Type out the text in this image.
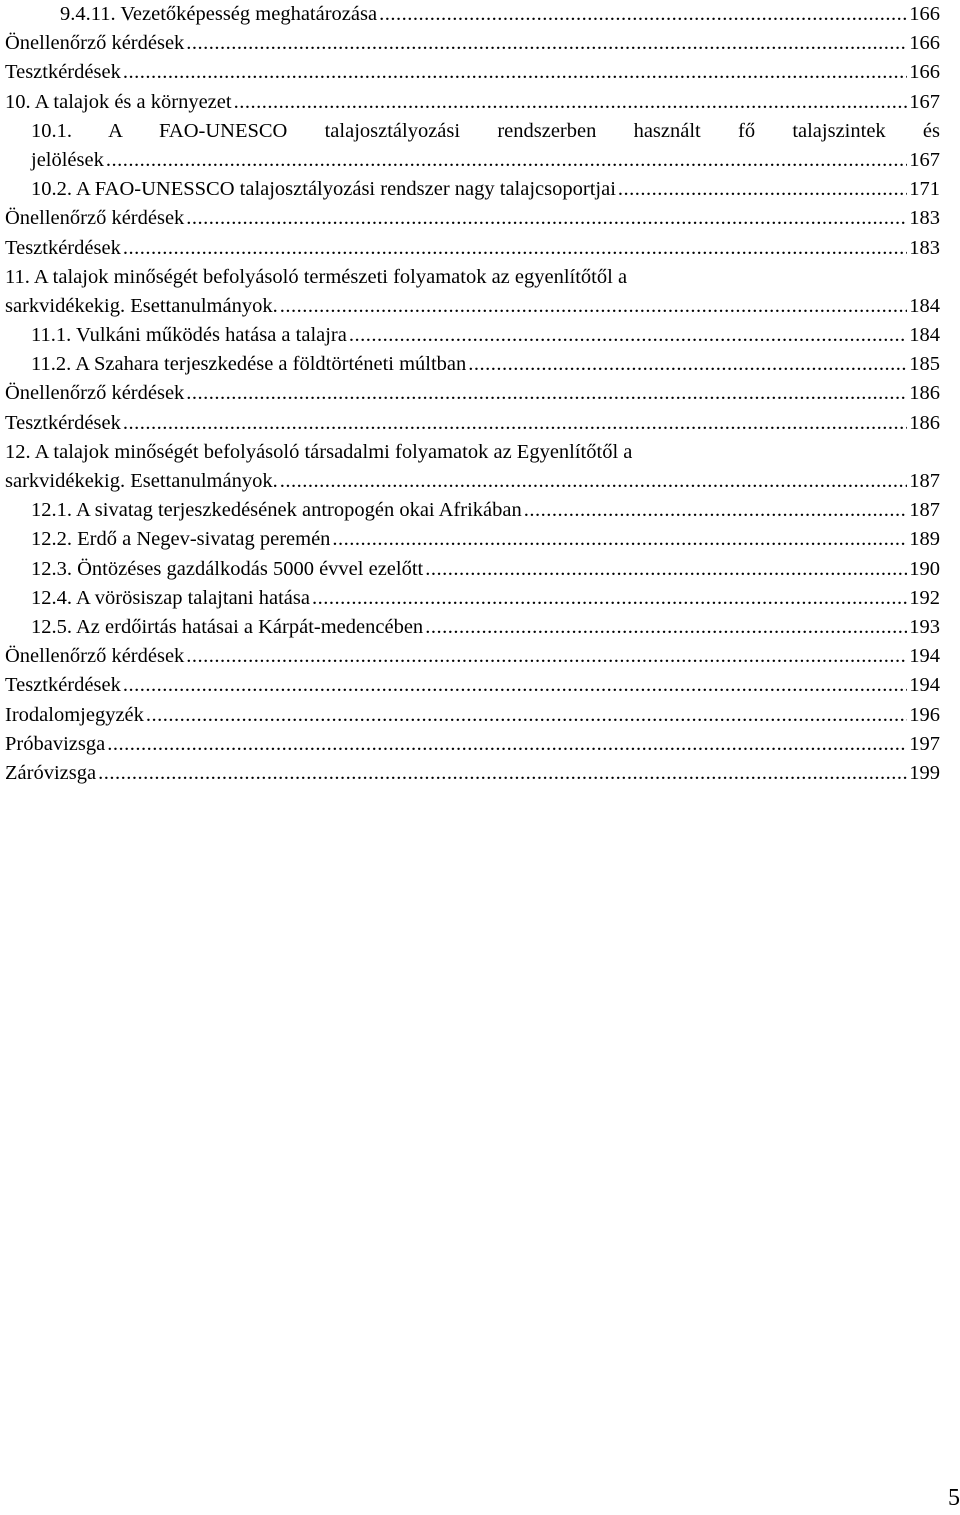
9.4.11. Vezetőképesség meghatározása .....	166
Önellenőrző kérdések .....	166
Tesztkérdések .....	166
10. A talajok és a környezet .....	167
10.1. A FAO-UNESCO talajosztályozási rendszerben használt fő talajszintek és
jelölések .....	167
10.2. A FAO-UNESSCO talajosztályozási rendszer nagy talajcsoportjai .....	171
Önellenőrző kérdések .....	183
Tesztkérdések .....	183
11. A talajok minőségét befolyásoló természeti folyamatok az egyenlítőtől a
sarkvidékekig. Esettanulmányok. .....	184
11.1. Vulkáni működés hatása a talajra .....	184
11.2. A Szahara terjeszkedése a földtörténeti múltban .....	185
Önellenőrző kérdések .....	186
Tesztkérdések .....	186
12. A talajok minőségét befolyásoló társadalmi folyamatok az Egyenlítőtől a
sarkvidékekig. Esettanulmányok. .....	187
12.1. A sivatag terjeszkedésének antropogén okai Afrikában .....	187
12.2. Erdő a Negev-sivatag peremén .....	189
12.3. Öntözéses gazdálkodás 5000 évvel ezelőtt .....	190
12.4. A vörösiszap talajtani hatása .....	192
12.5. Az erdőirtás hatásai a Kárpát-medencében .....	193
Önellenőrző kérdések .....	194
Tesztkérdések .....	194
Irodalomjegyzék .....	196
Próbavizsga .....	197
Záróvizsga .....	199
5
